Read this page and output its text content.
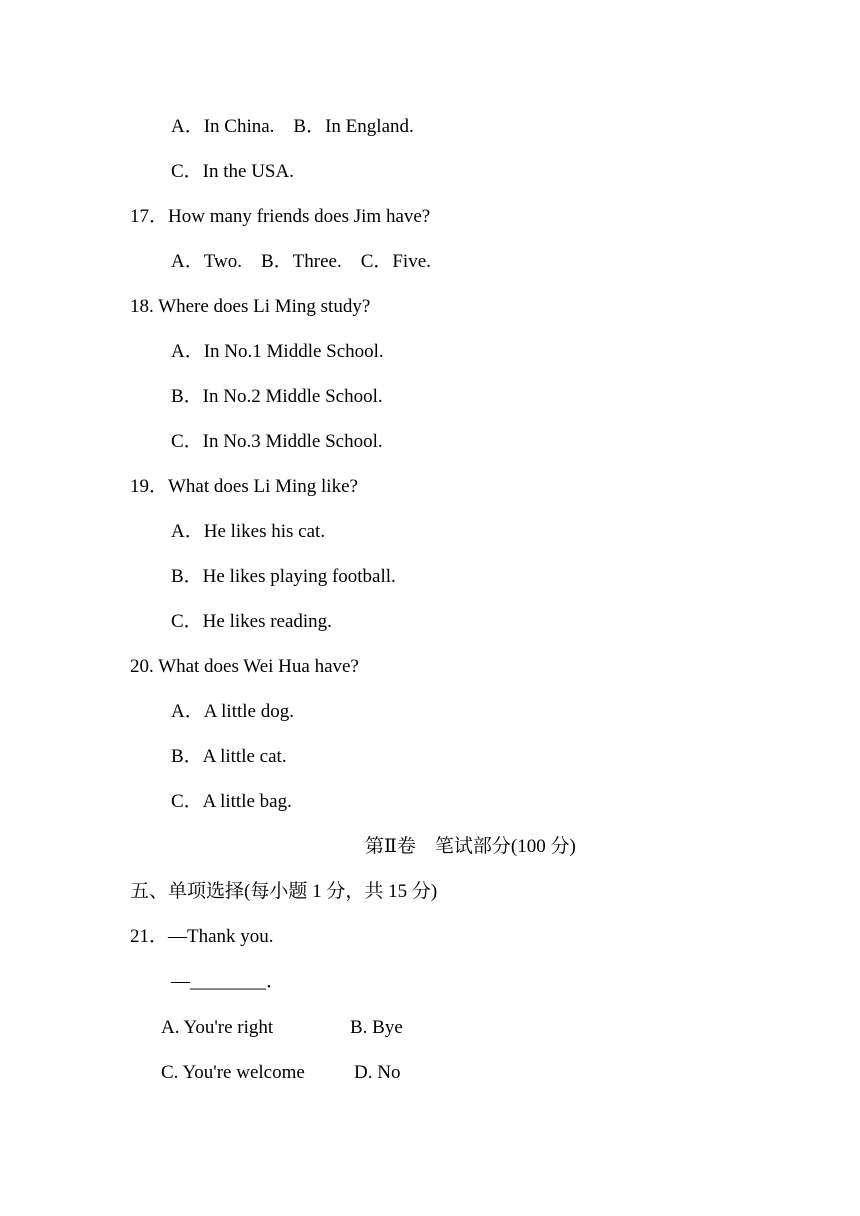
A．In China.　B．In England.
C．In the USA.
17．How many friends does Jim have?
A．Two.　B．Three.　C．Five.
18. Where does Li Ming study?
A．In No.1 Middle School.
B．In No.2 Middle School.
C．In No.3 Middle School.
19．What does Li Ming like?
A．He likes his cat.
B．He likes playing football.
C．He likes reading.
20. What does Wei Hua have?
A．A little dog.
B．A little cat.
C．A little bag.
第Ⅱ卷　笔试部分(100 分)
五、单项选择(每小题 1 分，共 15 分)
21．—Thank you.
—________．
A. You're right	B. Bye
C. You're welcome	D. No
